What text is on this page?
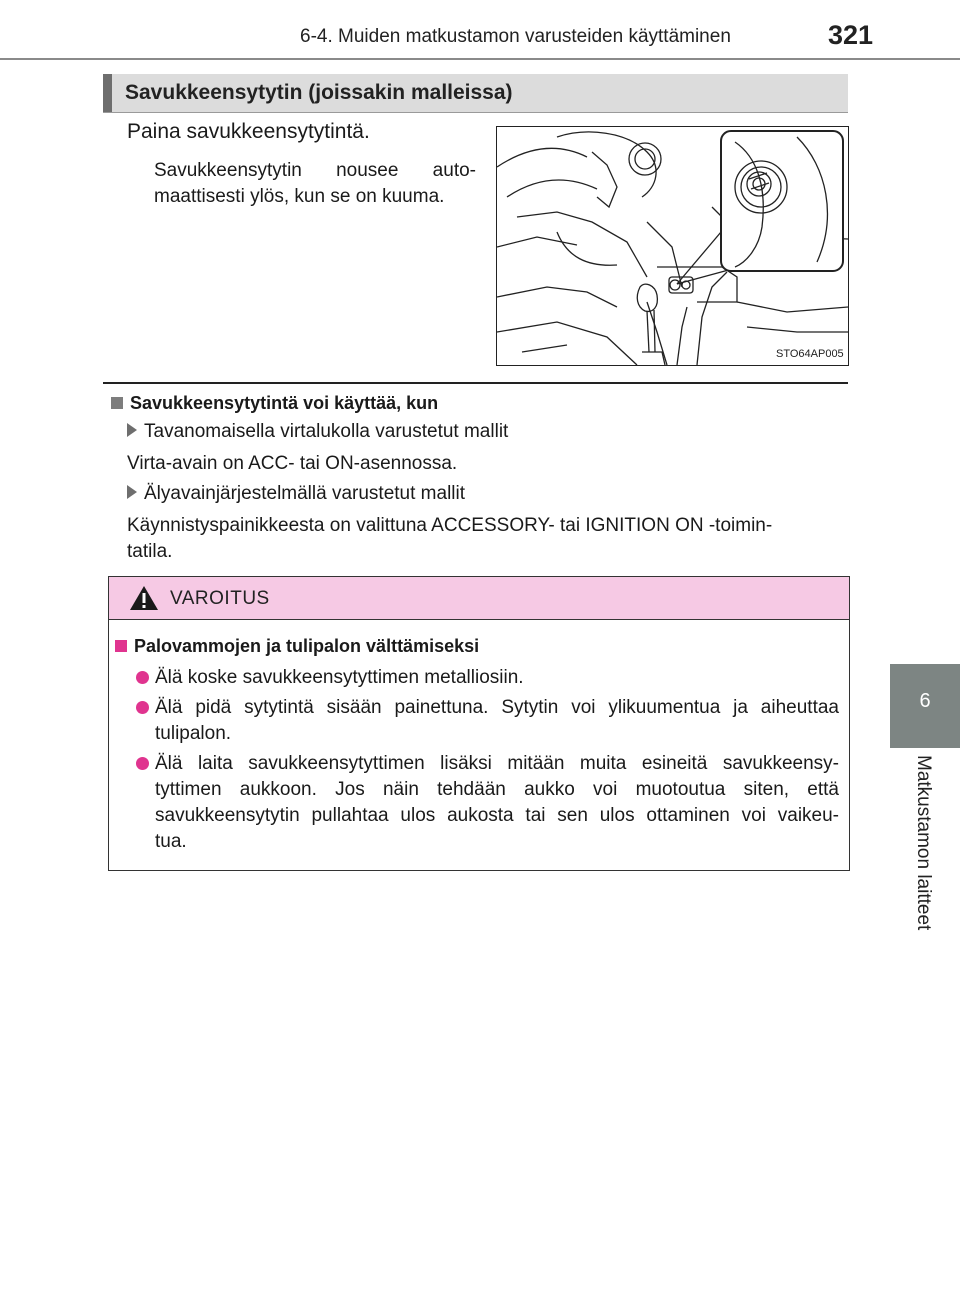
6-4. Muiden matkustamon varusteiden käyttäminen	321
6
Matkustamon laitteet
Savukkeensytytin (joissakin malleissa)
Paina savukkeensytytintä.
Savukkeensytytin nousee auto-
maattisesti ylös, kun se on kuuma.
STO64AP005
Savukkeensytytintä voi käyttää, kun
Tavanomaisella virtalukolla varustetut mallit
Virta-avain on ACC- tai ON-asennossa.
Älyavainjärjestelmällä varustetut mallit
Käynnistyspainikkeesta on valittuna ACCESSORY- tai IGNITION ON -toimin-
tatila.
VAROITUS
Palovammojen ja tulipalon välttämiseksi
Älä koske savukkeensytyttimen metalliosiin.
Älä pidä sytytintä sisään painettuna. Sytytin voi ylikuumentua ja aiheuttaa
tulipalon.
Älä laita savukkeensytyttimen lisäksi mitään muita esineitä savukkeensy-
tyttimen aukkoon. Jos näin tehdään aukko voi muotoutua siten, että
savukkeensytytin pullahtaa ulos aukosta tai sen ulos ottaminen voi vaikeu-
tua.
